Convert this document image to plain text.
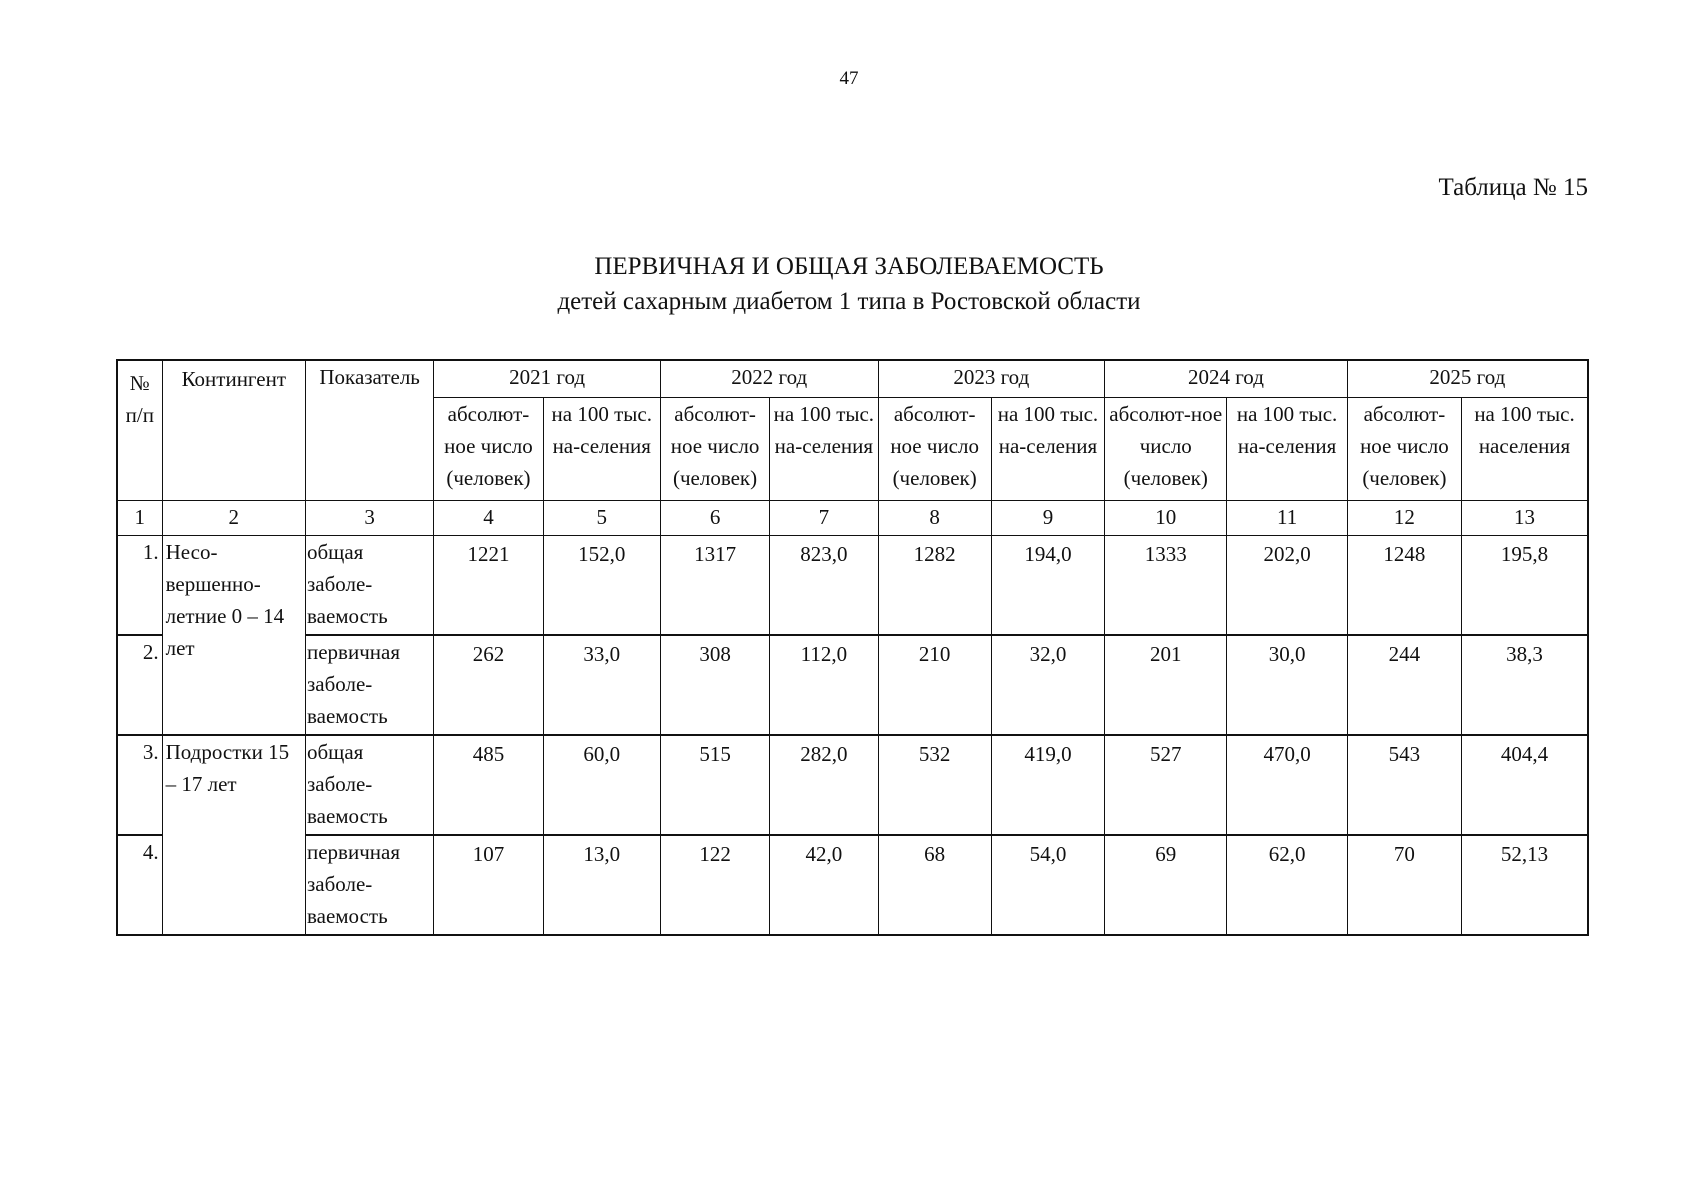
47
Таблица № 15
ПЕРВИЧНАЯ И ОБЩАЯ ЗАБОЛЕВАЕМОСТЬ
детей сахарным диабетом 1 типа в Ростовской области
№ п/п	Контингент	Показатель	2021 год		2022 год		2023 год		2024 год		2025 год	
			абсолют-ное число (человек)	на 100 тыс. на-селения	абсолют-ное число (человек)	на 100 тыс. на-селения	абсолют-ное число (человек)	на 100 тыс. на-селения	абсолют-ное число (человек)	на 100 тыс. на-селения	абсолют-ное число (человек)	на 100 тыс. населения
1	2	3	4	5	6	7	8	9	10	11	12	13
1.	Несо-вершенно-летние 0 – 14 лет	общая заболе-ваемость	1221	152,0	1317	823,0	1282	194,0	1333	202,0	1248	195,8
2.		первичная заболе-ваемость	262	33,0	308	112,0	210	32,0	201	30,0	244	38,3
3.	Подростки 15 – 17 лет	общая заболе-ваемость	485	60,0	515	282,0	532	419,0	527	470,0	543	404,4
4.		первичная заболе-ваемость	107	13,0	122	42,0	68	54,0	69	62,0	70	52,13
